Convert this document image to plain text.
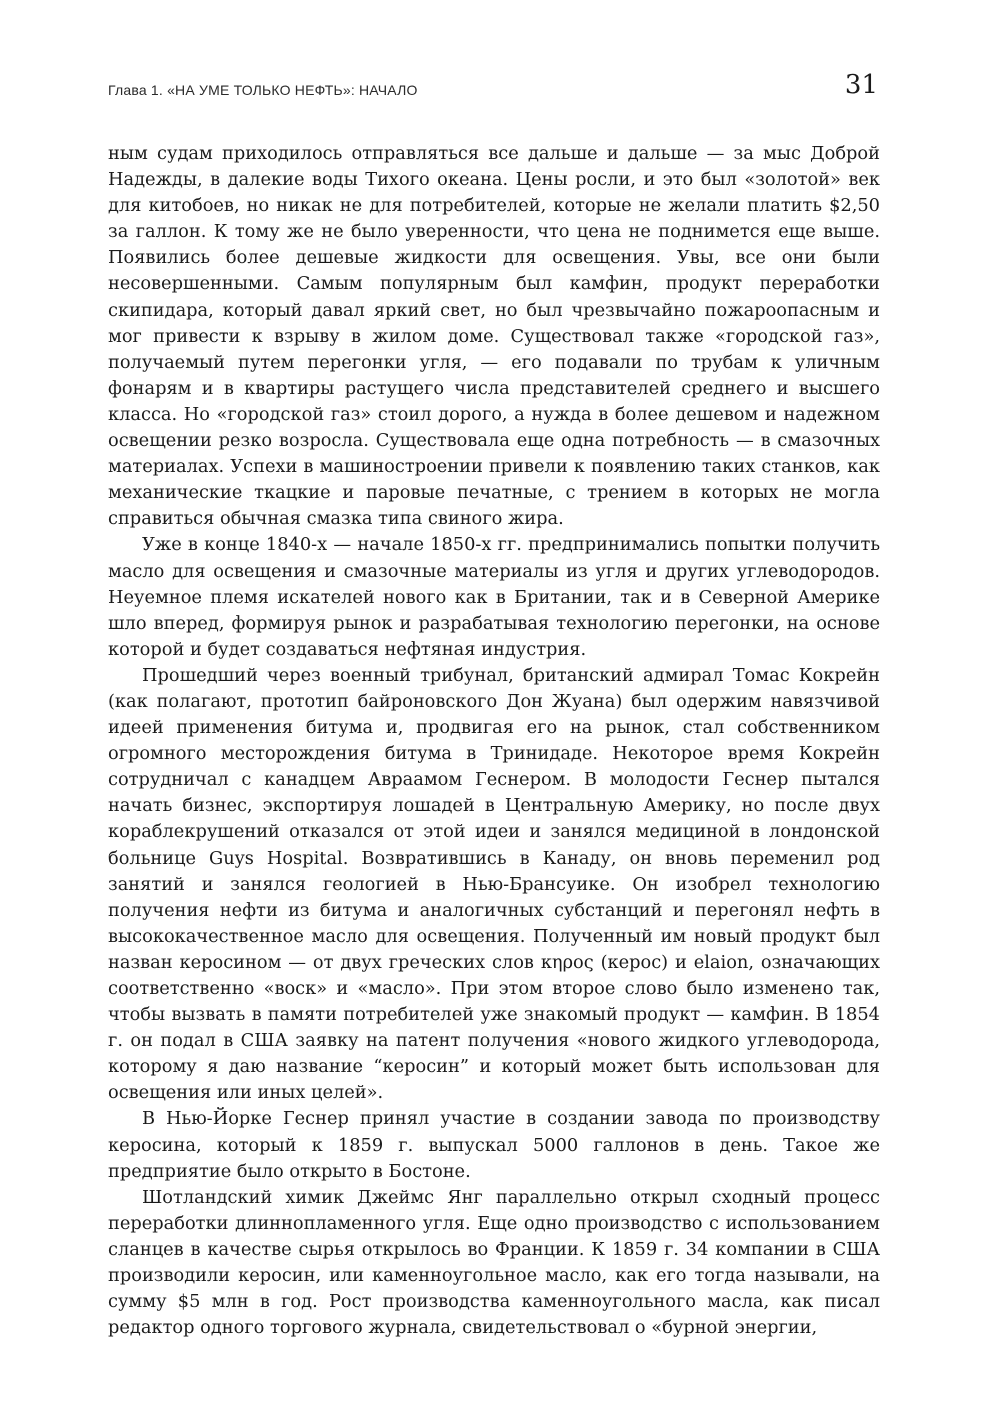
Глава 1. «НА УМЕ ТОЛЬКО НЕФТЬ»: НАЧАЛО	31

ным судам приходилось отправляться все дальше и дальше — за мыс Доброй Надежды, в далекие воды Тихого океана. Цены росли, и это был «золотой» век для китобоев, но никак не для потребителей, которые не желали платить $2,50 за галлон. К тому же не было уверенности, что цена не поднимется еще выше. Появились более дешевые жидкости для освещения. Увы, все они были несовершенными. Самым популярным был камфин, продукт переработки скипидара, который давал яркий свет, но был чрезвычайно пожароопасным и мог привести к взрыву в жилом доме. Существовал также «городской газ», получаемый путем перегонки угля, — его подавали по трубам к уличным фонарям и в квартиры растущего числа представителей среднего и высшего класса. Но «городской газ» стоил дорого, а нужда в более дешевом и надежном освещении резко возросла. Существовала еще одна потребность — в смазочных материалах. Успехи в машиностроении привели к появлению таких станков, как механические ткацкие и паровые печатные, с трением в которых не могла справиться обычная смазка типа свиного жира.

Уже в конце 1840-х — начале 1850-х гг. предпринимались попытки получить масло для освещения и смазочные материалы из угля и других углеводородов. Неуемное племя искателей нового как в Британии, так и в Северной Америке шло вперед, формируя рынок и разрабатывая технологию перегонки, на основе которой и будет создаваться нефтяная индустрия.

Прошедший через военный трибунал, британский адмирал Томас Кокрейн (как полагают, прототип байроновского Дон Жуана) был одержим навязчивой идеей применения битума и, продвигая его на рынок, стал собственником огромного месторождения битума в Тринидаде. Некоторое время Кокрейн сотрудничал с канадцем Авраамом Геснером. В молодости Геснер пытался начать бизнес, экспортируя лошадей в Центральную Америку, но после двух кораблекрушений отказался от этой идеи и занялся медициной в лондонской больнице Guys Hospital. Возвратившись в Канаду, он вновь переменил род занятий и занялся геологией в Нью-Брансуике. Он изобрел технологию получения нефти из битума и аналогичных субстанций и перегонял нефть в высококачественное масло для освещения. Полученный им новый продукт был назван керосином — от двух греческих слов κηρος (керос) и elaion, означающих соответственно «воск» и «масло». При этом второе слово было изменено так, чтобы вызвать в памяти потребителей уже знакомый продукт — камфин. В 1854 г. он подал в США заявку на патент получения «нового жидкого углеводорода, которому я даю название “керосин” и который может быть использован для освещения или иных целей».

В Нью-Йорке Геснер принял участие в создании завода по производству керосина, который к 1859 г. выпускал 5000 галлонов в день. Такое же предприятие было открыто в Бостоне.

Шотландский химик Джеймс Янг параллельно открыл сходный процесс переработки длиннопламенного угля. Еще одно производство с использованием сланцев в качестве сырья открылось во Франции. К 1859 г. 34 компании в США производили керосин, или каменноугольное масло, как его тогда называли, на сумму $5 млн в год. Рост производства каменноугольного масла, как писал редактор одного торгового журнала, свидетельствовал о «бурной энергии,
